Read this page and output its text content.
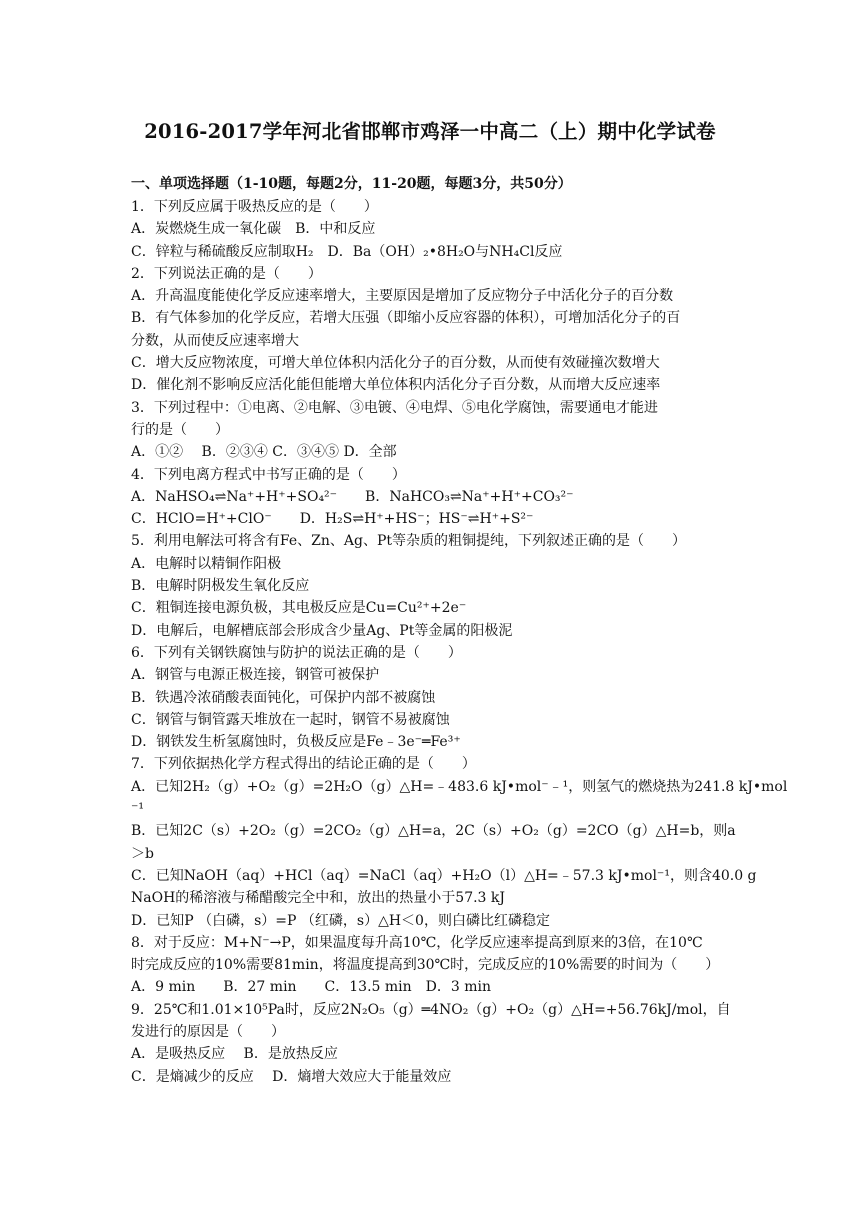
2016-2017学年河北省邯郸市鸡泽一中高二（上）期中化学试卷
一、单项选择题（1-10题，每题2分，11-20题，每题3分，共50分）
1．下列反应属于吸热反应的是（　　）
A．炭燃烧生成一氧化碳　B．中和反应
C．锌粒与稀硫酸反应制取H₂　D．Ba（OH）₂•8H₂O与NH₄Cl反应
2．下列说法正确的是（　　）
A．升高温度能使化学反应速率增大，主要原因是增加了反应物分子中活化分子的百分数
B．有气体参加的化学反应，若增大压强（即缩小反应容器的体积），可增加活化分子的百
分数，从而使反应速率增大
C．增大反应物浓度，可增大单位体积内活化分子的百分数，从而使有效碰撞次数增大
D．催化剂不影响反应活化能但能增大单位体积内活化分子百分数，从而增大反应速率
3．下列过程中：①电离、②电解、③电镀、④电焊、⑤电化学腐蚀，需要通电才能进
行的是（　　）
A．①②　 B．②③④ C．③④⑤ D．全部
4．下列电离方程式中书写正确的是（　　）
A．NaHSO₄⇌Na⁺+H⁺+SO₄²⁻　　B．NaHCO₃⇌Na⁺+H⁺+CO₃²⁻
C．HClO=H⁺+ClO⁻　　D．H₂S⇌H⁺+HS⁻；HS⁻⇌H⁺+S²⁻
5．利用电解法可将含有Fe、Zn、Ag、Pt等杂质的粗铜提纯，下列叙述正确的是（　　）
A．电解时以精铜作阳极
B．电解时阴极发生氧化反应
C．粗铜连接电源负极，其电极反应是Cu=Cu²⁺+2e⁻
D．电解后，电解槽底部会形成含少量Ag、Pt等金属的阳极泥
6．下列有关钢铁腐蚀与防护的说法正确的是（　　）
A．钢管与电源正极连接，钢管可被保护
B．铁遇冷浓硝酸表面钝化，可保护内部不被腐蚀
C．钢管与铜管露天堆放在一起时，钢管不易被腐蚀
D．钢铁发生析氢腐蚀时，负极反应是Fe﹣3e⁻═Fe³⁺
7．下列依据热化学方程式得出的结论正确的是（　　）
A．已知2H₂（g）+O₂（g）=2H₂O（g）△H=﹣483.6 kJ•mol⁻﹣¹，则氢气的燃烧热为241.8 kJ•mol
⁻¹
B．已知2C（s）+2O₂（g）=2CO₂（g）△H=a，2C（s）+O₂（g）=2CO（g）△H=b，则a
＞b
C．已知NaOH（aq）+HCl（aq）=NaCl（aq）+H₂O（l）△H=﹣57.3 kJ•mol⁻¹，则含40.0 g
NaOH的稀溶液与稀醋酸完全中和，放出的热量小于57.3 kJ
D．已知P （白磷，s）=P （红磷，s）△H＜0，则白磷比红磷稳定
8．对于反应：M+N⁻→P，如果温度每升高10℃，化学反应速率提高到原来的3倍，在10℃
时完成反应的10%需要81min，将温度提高到30℃时，完成反应的10%需要的时间为（　　）
A．9 min　　B．27 min　　C．13.5 min　D．3 min
9．25℃和1.01×10⁵Pa时，反应2N₂O₅（g）═4NO₂（g）+O₂（g）△H=+56.76kJ/mol，自
发进行的原因是（　　）
A．是吸热反应　 B．是放热反应
C．是熵减少的反应　 D．熵增大效应大于能量效应
